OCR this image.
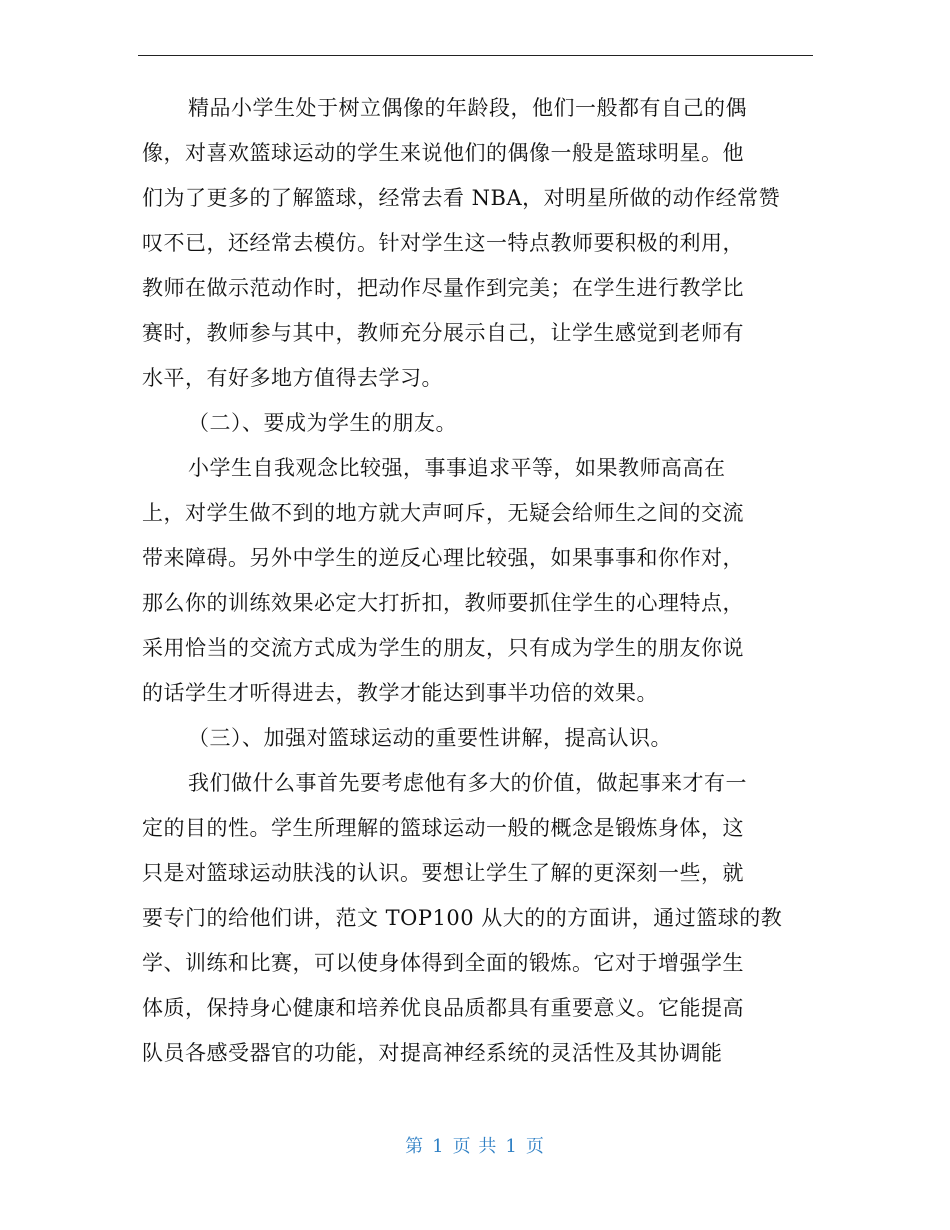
精品小学生处于树立偶像的年龄段，他们一般都有自己的偶
像，对喜欢篮球运动的学生来说他们的偶像一般是篮球明星。他
们为了更多的了解篮球，经常去看 NBA，对明星所做的动作经常赞
叹不已，还经常去模仿。针对学生这一特点教师要积极的利用，
教师在做示范动作时，把动作尽量作到完美；在学生进行教学比
赛时，教师参与其中，教师充分展示自己，让学生感觉到老师有
水平，有好多地方值得去学习。

（二）、要成为学生的朋友。

小学生自我观念比较强，事事追求平等，如果教师高高在
上，对学生做不到的地方就大声呵斥，无疑会给师生之间的交流
带来障碍。另外中学生的逆反心理比较强，如果事事和你作对，
那么你的训练效果必定大打折扣，教师要抓住学生的心理特点，
采用恰当的交流方式成为学生的朋友，只有成为学生的朋友你说
的话学生才听得进去，教学才能达到事半功倍的效果。

（三）、加强对篮球运动的重要性讲解，提高认识。

我们做什么事首先要考虑他有多大的价值，做起事来才有一
定的目的性。学生所理解的篮球运动一般的概念是锻炼身体，这
只是对篮球运动肤浅的认识。要想让学生了解的更深刻一些，就
要专门的给他们讲，范文 TOP100 从大的的方面讲，通过篮球的教
学、训练和比赛，可以使身体得到全面的锻炼。它对于增强学生
体质，保持身心健康和培养优良品质都具有重要意义。它能提高
队员各感受器官的功能，对提高神经系统的灵活性及其协调能

第 1 页 共 1 页
